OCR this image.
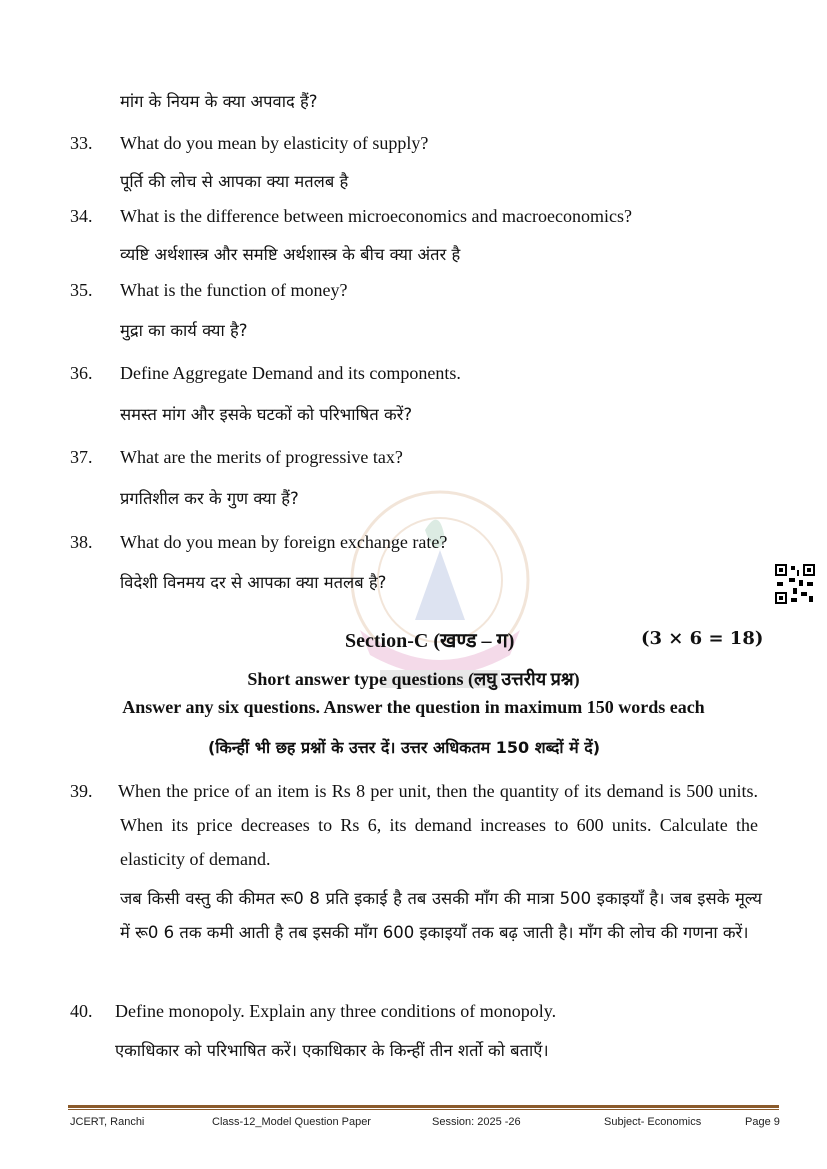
मांग के नियम के क्या अपवाद हैं?
33. What do you mean by elasticity of supply?
पूर्ति की लोच से आपका क्या मतलब है
34. What is the difference between microeconomics and macroeconomics?
व्यष्टि अर्थशास्त्र और समष्टि अर्थशास्त्र के बीच क्या अंतर है
35. What is the function of money?
मुद्रा का कार्य क्या है?
36. Define Aggregate Demand and its components.
समस्त मांग और इसके घटकों को परिभाषित करें?
37. What are the merits of progressive tax?
प्रगतिशील कर के गुण क्या हैं?
38. What do you mean by foreign exchange rate?
विदेशी विनमय दर से आपका क्या मतलब है?
Section-C (खण्ड – ग)	(3 × 6 = 18)
Short answer type questions (लघु उत्तरीय प्रश्न)
Answer any six questions. Answer the question in maximum 150 words each
(किन्हीं भी छह प्रश्नों के उत्तर दें। उत्तर अधिकतम 150 शब्दों में दें)
39. When the price of an item is Rs 8 per unit, then the quantity of its demand is 500 units. When its price decreases to Rs 6, its demand increases to 600 units. Calculate the elasticity of demand.
जब किसी वस्तु की कीमत रू0 8 प्रति इकाई है तब उसकी माँग की मात्रा 500 इकाइयाँ है। जब इसके मूल्य में रू0 6 तक कमी आती है तब इसकी माँग 600 इकाइयाँ तक बढ़ जाती है। माँग की लोच की गणना करें।
40. Define monopoly. Explain any three conditions of monopoly.
एकाधिकार को परिभाषित करें। एकाधिकार के किन्हीं तीन शर्तो को बताएँ।
JCERT, Ranchi	Class-12_Model Question Paper	Session: 2025 -26	Subject- Economics	Page 9
